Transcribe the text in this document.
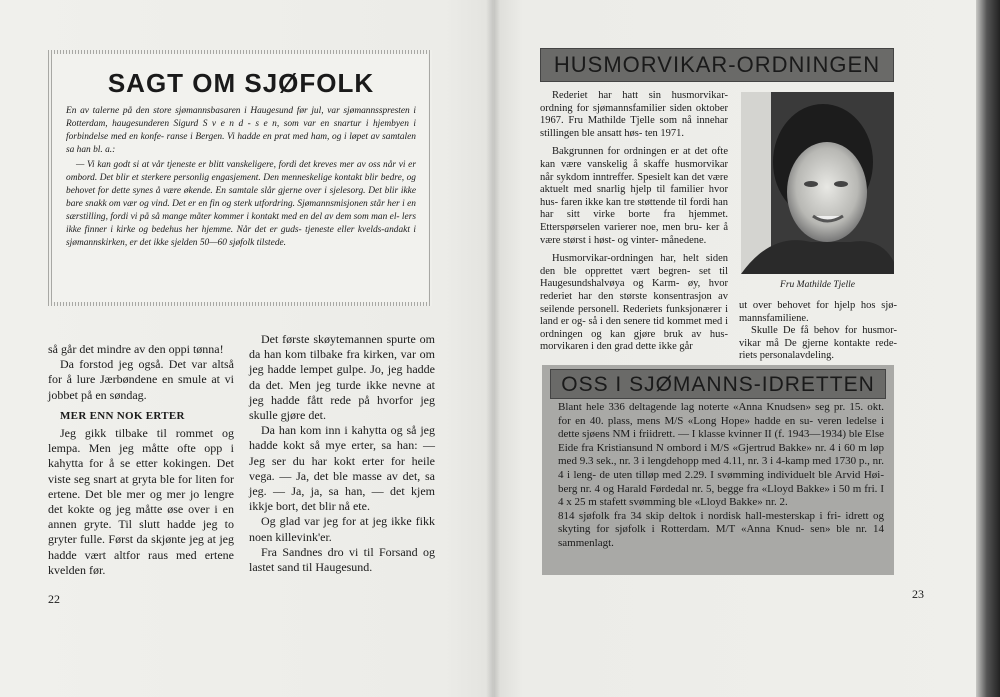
SAGT OM SJØFOLK

En av talerne på den store sjømannsbasaren i Haugesund før jul, var sjømannsspresten i Rotterdam, haugesunderen Sigurd S v e n d - s e n, som var en snartur i hjembyen i forbindelse med en konfe- ranse i Bergen. Vi hadde en prat med ham, og i løpet av samtalen sa han bl. a.:

— Vi kan godt si at vår tjeneste er blitt vanskeligere, fordi det kreves mer av oss når vi er ombord. Det blir et sterkere personlig engasjement. Den menneskelige kontakt blir bedre, og behovet for dette synes å være økende. En samtale slår gjerne over i sjelesorg. Det blir ikke bare snakk om vær og vind. Det er en fin og sterk utfordring. Sjømannsmisjonen står her i en særstilling, fordi vi på så mange måter kommer i kontakt med en del av dem som man el- lers ikke finner i kirke og bedehus her hjemme. Når det er guds- tjeneste eller kvelds-andakt i sjømannskirken, er det ikke sjelden 50—60 sjøfolk tilstede.

så går det mindre av den oppi tønna!

Da forstod jeg også. Det var altså for å lure Jærbøndene en smule at vi jobbet på en søndag.

MER ENN NOK ERTER

Jeg gikk tilbake til rommet og lempa. Men jeg måtte ofte opp i kahytta for å se etter kokingen. Det viste seg snart at gryta ble for liten for ertene. Det ble mer og mer jo lengre det kokte og jeg måtte øse over i en annen gryte. Til slutt hadde jeg to gryter fulle. Først da skjønte jeg at jeg hadde vært altfor raus med ertene kvelden før.

Det første skøytemannen spurte om da han kom tilbake fra kirken, var om jeg hadde lempet gulpe. Jo, jeg hadde da det. Men jeg turde ikke nevne at jeg hadde fått rede på hvorfor jeg skulle gjøre det.

Da han kom inn i kahytta og så jeg hadde kokt så mye erter, sa han: — Jeg ser du har kokt erter for heile vega. — Ja, det ble masse av det, sa jeg. — Ja, ja, sa han, — det kjem ikkje bort, det blir nå ete.

Og glad var jeg for at jeg ikke fikk noen killevink'er.

Fra Sandnes dro vi til Forsand og lastet sand til Haugesund.

22
HUSMORVIKAR-ORDNINGEN

Rederiet har hatt sin husmorvikar- ordning for sjømannsfamilier siden oktober 1967. Fru Mathilde Tjelle som nå innehar stillingen ble ansatt høs- ten 1971.

Bakgrunnen for ordningen er at det ofte kan være vanskelig å skaffe husmorvikar når sykdom inntreffer. Spesielt kan det være aktuelt med snarlig hjelp til familier hvor hus- faren ikke kan tre støttende til fordi han har sitt virke borte fra hjemmet. Etterspørselen varierer noe, men bru- ker å være størst i høst- og vinter- månedene.

Husmorvikar-ordningen har, helt siden den ble opprettet vært begren- set til Haugesundshalvøya og Karm- øy, hvor rederiet har den største konsentrasjon av seilende personell. Rederiets funksjonærer i land er og- så i den senere tid kommet med i ordningen og kan gjøre bruk av hus- morvikaren i den grad dette ikke går

Fru Mathilde Tjelle

ut over behovet for hjelp hos sjø- mannsfamiliene.

Skulle De få behov for husmor- vikar må De gjerne kontakte rede- riets personalavdeling.

OSS I SJØMANNS-IDRETTEN

Blant hele 336 deltagende lag noterte «Anna Knudsen» seg pr. 15. okt. for en 40. plass, mens M/S «Long Hope» hadde en su- veren ledelse i dette sjøens NM i friidrett. — I klasse kvinner II (f. 1943—1934) ble Else Eide fra Kristiansund N ombord i M/S «Gjertrud Bakke» nr. 4 i 60 m løp med 9.3 sek., nr. 3 i lengdehopp med 4.11, nr. 3 i 4-kamp med 1730 p., nr. 4 i leng- de uten tilløp med 2.29. I svømming individuelt ble Arvid Høi- berg nr. 4 og Harald Førdedal nr. 5, begge fra «Lloyd Bakke» i 50 m fri. I 4 x 25 m stafett svømming ble «Lloyd Bakke» nr. 2.

814 sjøfolk fra 34 skip deltok i nordisk hall-mesterskap i fri- idrett og skyting for sjøfolk i Rotterdam. M/T «Anna Knud- sen» ble nr. 14 sammenlagt.

23
